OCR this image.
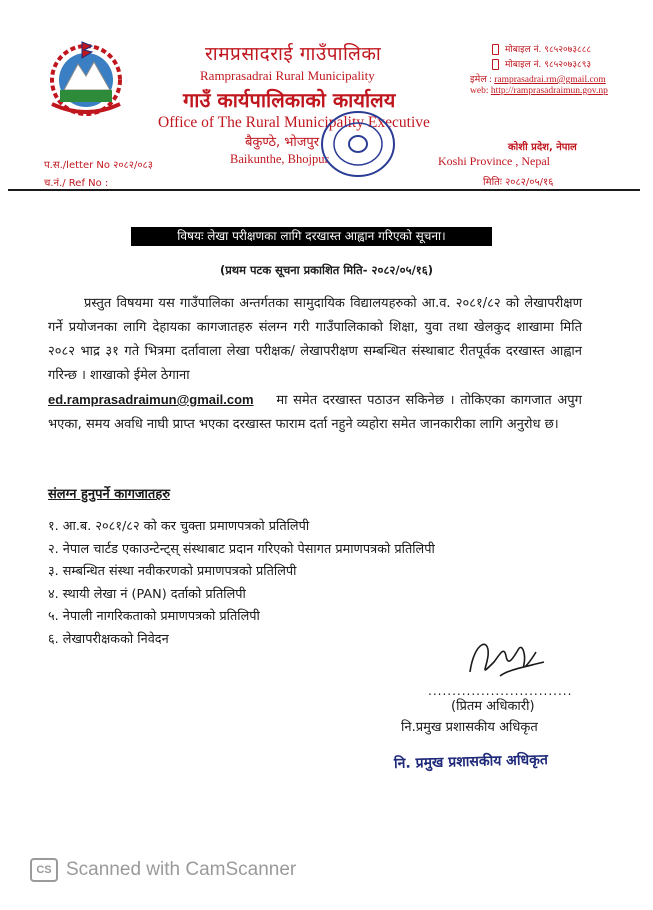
रामप्रसादराई गाउँपालिका
Ramprasadrai Rural Municipality
गाउँ कार्यपालिकाको कार्यालय
Office of The Rural Municipality Executive
बैकुण्ठे, भोजपुर
Baikunthe, Bhojpur
मोबाइल नं. ९८५२०७३८८८
मोबाइल नं. ९८५२०७३८९३
इमेल : ramprasadrai.rm@gmail.com
web: http://ramprasadraimun.gov.np
कोशी प्रदेश, नेपाल
Koshi Province , Nepal
मितिः २०८२/०५/१६
प.स./letter No २०८२/०८३
च.नं./ Ref No :
विषयः लेखा परीक्षणका लागि दरखास्त आह्वान गरिएको सूचना।
(प्रथम पटक सूचना प्रकाशित मिति- २०८२/०५/१६)
प्रस्तुत विषयमा यस गाउँपालिका अन्तर्गतका सामुदायिक विद्यालयहरुको आ.व. २०८१/८२ को लेखापरीक्षण गर्ने प्रयोजनका लागि देहायका कागजातहरु संलग्न गरी गाउँपालिकाको शिक्षा, युवा तथा खेलकुद शाखामा मिति २०८२ भाद्र ३१ गते भित्रमा दर्तावाला लेखा परीक्षक/ लेखापरीक्षण सम्बन्धित संस्थाबाट रीतपूर्वक दरखास्त आह्वान गरिन्छ । शाखाको ईमेल ठेगाना
ed.ramprasadraimun@gmail.com मा समेत दरखास्त पठाउन सकिनेछ । तोकिएका कागजात अपुग भएका, समय अवधि नाघी प्राप्त भएका दरखास्त फाराम दर्ता नहुने व्यहोरा समेत जानकारीका लागि अनुरोध छ।
संलग्न हुनुपर्ने कागजातहरु
१. आ.ब. २०८१/८२ को कर चुक्ता प्रमाणपत्रको प्रतिलिपी
२. नेपाल चार्टड एकाउन्टेन्ट्स् संस्थाबाट प्रदान गरिएको पेसागत प्रमाणपत्रको प्रतिलिपी
३. सम्बन्धित संस्था नवीकरणको प्रमाणपत्रको प्रतिलिपी
४. स्थायी लेखा नं (PAN) दर्ताको प्रतिलिपी
५. नेपाली नागरिकताको प्रमाणपत्रको प्रतिलिपी
६. लेखापरीक्षकको निवेदन
..............................
(प्रितम अधिकारी)
नि.प्रमुख प्रशासकीय अधिकृत
नि. प्रमुख प्रशासकीय अधिकृत
CS Scanned with CamScanner
